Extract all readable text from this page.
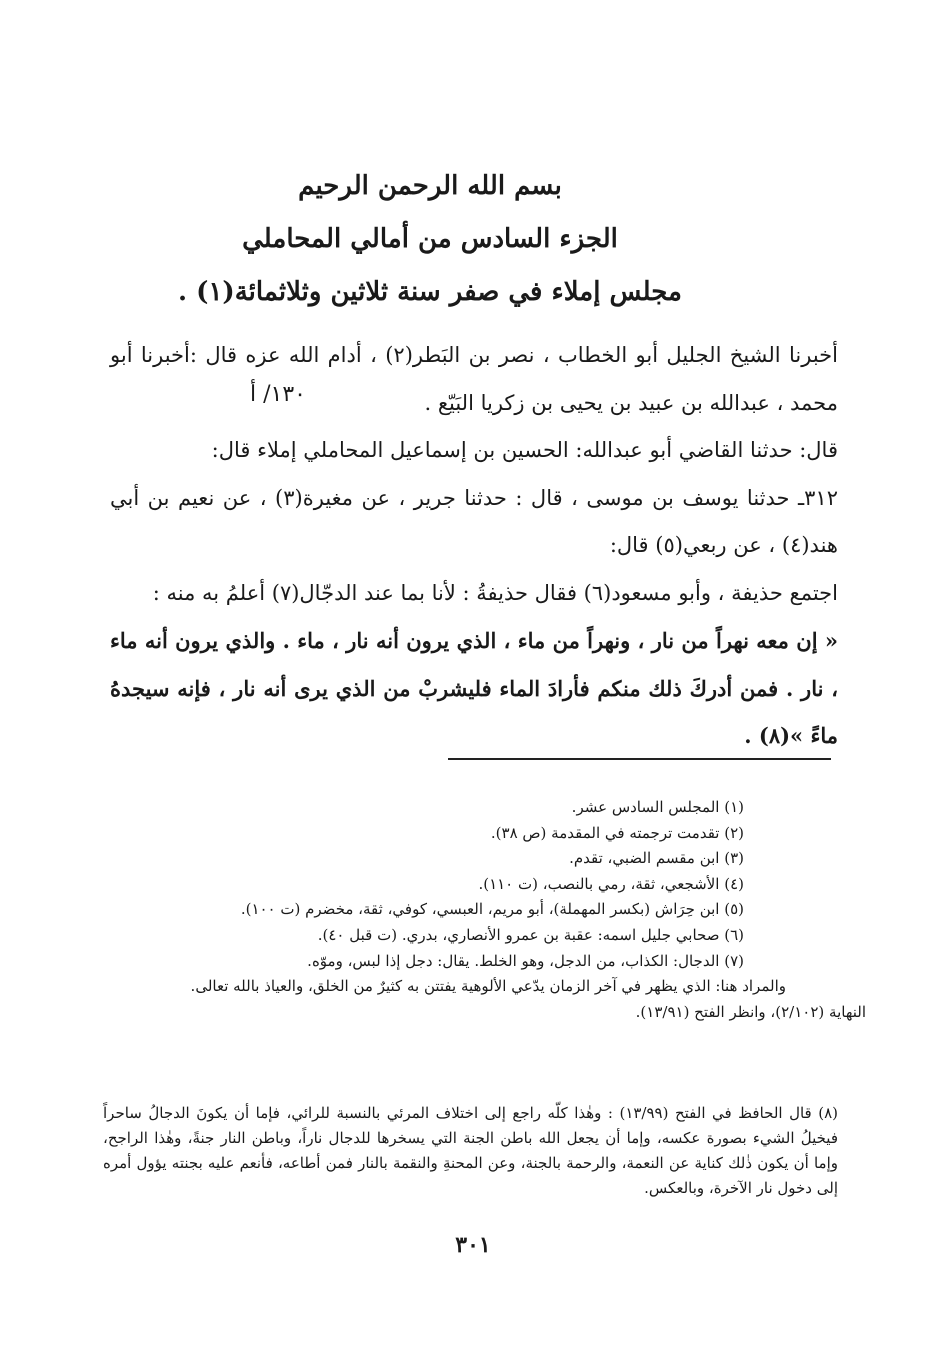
بسم الله الرحمن الرحيم
الجزء السادس من أمالي المحاملي
مجلس إملاء في صفر سنة ثلاثين وثلاثمائة(١) .
١٣٠/ أ

أخبرنا الشيخ الجليل أبو الخطاب ، نصر بن البَطر(٢) ، أدام الله عزه قال :أخبرنا أبو محمد ، عبدالله بن عبيد بن يحيى بن زكريا البَيّع .

قال: حدثنا القاضي أبو عبدالله: الحسين بن إسماعيل المحاملي إملاء قال:

٣١٢ـ حدثنا يوسف بن موسى ، قال : حدثنا جرير ، عن مغيرة(٣) ، عن نعيم بن أبي هند(٤) ، عن ربعي(٥) قال:

اجتمع حذيفة ، وأبو مسعود(٦) فقال حذيفةُ : لأنا بما عند الدجّال(٧) أعلمُ به منه :

« إن معه نهراً من نار ، ونهراً من ماء ، الذي يرون أنه نار ، ماء . والذي يرون أنه ماء ، نار . فمن أدركَ ذلك منكم فأرادَ الماء فليشربْ من الذي يرى أنه نار ، فإنه سيجدهُ ماءً »(٨) .

(١) المجلس السادس عشر.
(٢) تقدمت ترجمته في المقدمة (ص ٣٨).
(٣) ابن مقسم الضبي، تقدم.
(٤) الأشجعي، ثقة، رمي بالنصب، (ت ١١٠).
(٥) ابن حِرَاش (بكسر المهملة)، أبو مريم، العبسي، كوفي، ثقة، مخضرم (ت ١٠٠).
(٦) صحابي جليل اسمه: عقبة بن عمرو الأنصاري، بدري. (ت قبل ٤٠).
(٧) الدجال: الكذاب، من الدجل، وهو الخلط. يقال: دجل إذا لبس، وموّه.
والمراد هنا: الذي يظهر في آخر الزمان يدّعي الألوهية يفتتن به كثيرٌ من الخلق، والعياذ بالله تعالى.
النهاية (٢/١٠٢)، وانظر الفتح (١٣/٩١).

(٨) قال الحافظ في الفتح (١٣/٩٩) : وهٰذا كلّه راجع إلى اختلاف المرئي بالنسبة للرائي، فإما أن يكونَ الدجالُ ساحراً فيخيلُ الشيء بصورة عكسه، وإما أن يجعل الله باطن الجنة التي يسخرها للدجال ناراً، وباطن النار جنةً، وهٰذا الراجح، وإما أن يكون ذٰلك كناية عن النعمة، والرحمة بالجنة، وعن المحنةِ والنقمة بالنار فمن أطاعه، فأنعم عليه بجنته يؤول أمره إلى دخول نار الآخرة، وبالعكس.

٣٠١
